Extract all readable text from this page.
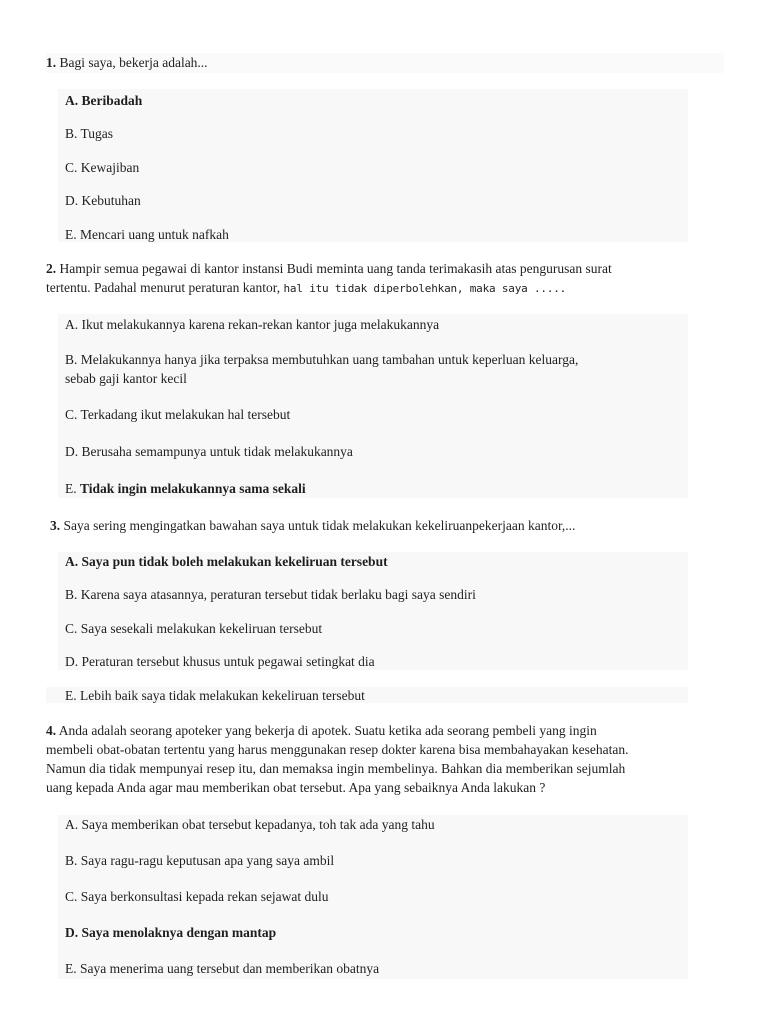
1. Bagi saya, bekerja adalah...

A. Beribadah

B. Tugas

C. Kewajiban

D. Kebutuhan

E. Mencari uang untuk nafkah

2. Hampir semua pegawai di kantor instansi Budi meminta uang tanda terimakasih atas pengurusan surat
tertentu. Padahal menurut peraturan kantor, hal itu tidak diperbolehkan, maka saya .....

A. Ikut melakukannya karena rekan-rekan kantor juga melakukannya

B. Melakukannya hanya jika terpaksa membutuhkan uang tambahan untuk keperluan keluarga,
sebab gaji kantor kecil

C. Terkadang ikut melakukan hal tersebut

D. Berusaha semampunya untuk tidak melakukannya

E. Tidak ingin melakukannya sama sekali

3. Saya sering mengingatkan bawahan saya untuk tidak melakukan kekeliruanpekerjaan kantor,...

A. Saya pun tidak boleh melakukan kekeliruan tersebut

B. Karena saya atasannya, peraturan tersebut tidak berlaku bagi saya sendiri

C. Saya sesekali melakukan kekeliruan tersebut

D. Peraturan tersebut khusus untuk pegawai setingkat dia

E. Lebih baik saya tidak melakukan kekeliruan tersebut

4. Anda adalah seorang apoteker yang bekerja di apotek. Suatu ketika ada seorang pembeli yang ingin
membeli obat-obatan tertentu yang harus menggunakan resep dokter karena bisa membahayakan kesehatan.
Namun dia tidak mempunyai resep itu, dan memaksa ingin membelinya. Bahkan dia memberikan sejumlah
uang kepada Anda agar mau memberikan obat tersebut. Apa yang sebaiknya Anda lakukan ?

A. Saya memberikan obat tersebut kepadanya, toh tak ada yang tahu

B. Saya ragu-ragu keputusan apa yang saya ambil

C. Saya berkonsultasi kepada rekan sejawat dulu

D. Saya menolaknya dengan mantap

E. Saya menerima uang tersebut dan memberikan obatnya
